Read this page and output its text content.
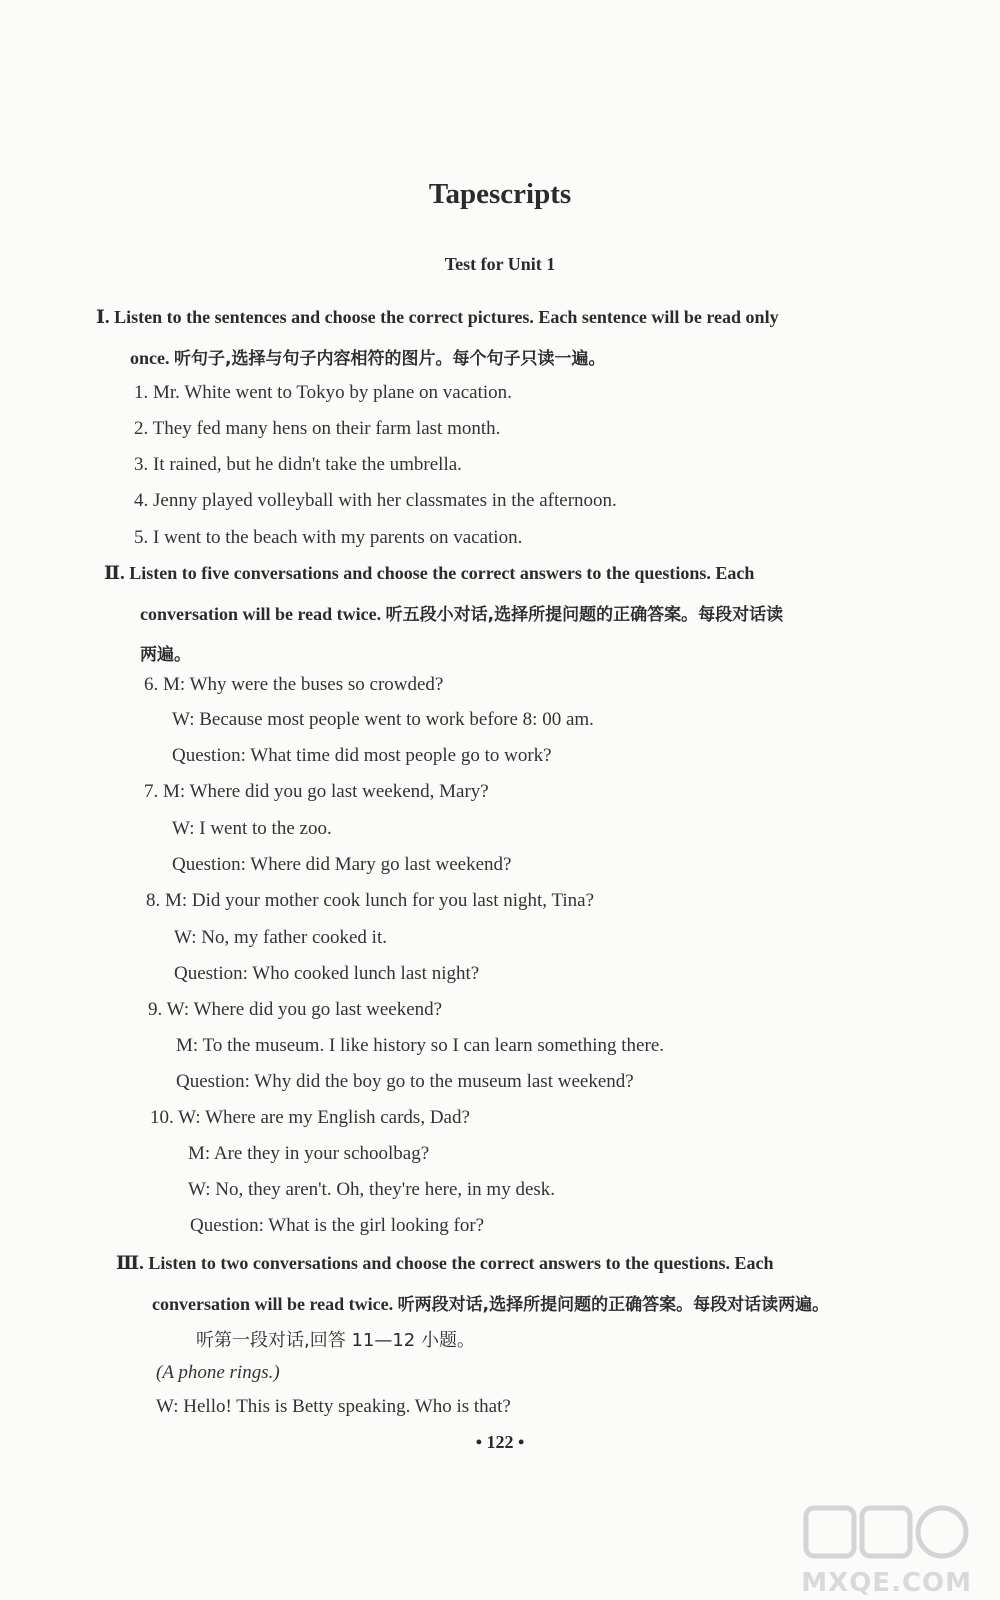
Tapescripts
Test for Unit 1
Ⅰ. Listen to the sentences and choose the correct pictures. Each sentence will be read only
once. 听句子,选择与句子内容相符的图片。每个句子只读一遍。
1. Mr. White went to Tokyo by plane on vacation.
2. They fed many hens on their farm last month.
3. It rained, but he didn't take the umbrella.
4. Jenny played volleyball with her classmates in the afternoon.
5. I went to the beach with my parents on vacation.
Ⅱ. Listen to five conversations and choose the correct answers to the questions. Each
conversation will be read twice. 听五段小对话,选择所提问题的正确答案。每段对话读
两遍。
6. M: Why were the buses so crowded?
W: Because most people went to work before 8: 00 am.
Question: What time did most people go to work?
7. M: Where did you go last weekend, Mary?
W: I went to the zoo.
Question: Where did Mary go last weekend?
8. M: Did your mother cook lunch for you last night, Tina?
W: No, my father cooked it.
Question: Who cooked lunch last night?
9. W: Where did you go last weekend?
M: To the museum. I like history so I can learn something there.
Question: Why did the boy go to the museum last weekend?
10. W: Where are my English cards, Dad?
M: Are they in your schoolbag?
W: No, they aren't. Oh, they're here, in my desk.
Question: What is the girl looking for?
Ⅲ. Listen to two conversations and choose the correct answers to the questions. Each
conversation will be read twice. 听两段对话,选择所提问题的正确答案。每段对话读两遍。
听第一段对话,回答 11—12 小题。
(A phone rings.)
W: Hello! This is Betty speaking. Who is that?
• 122 •
MXQE.COM
